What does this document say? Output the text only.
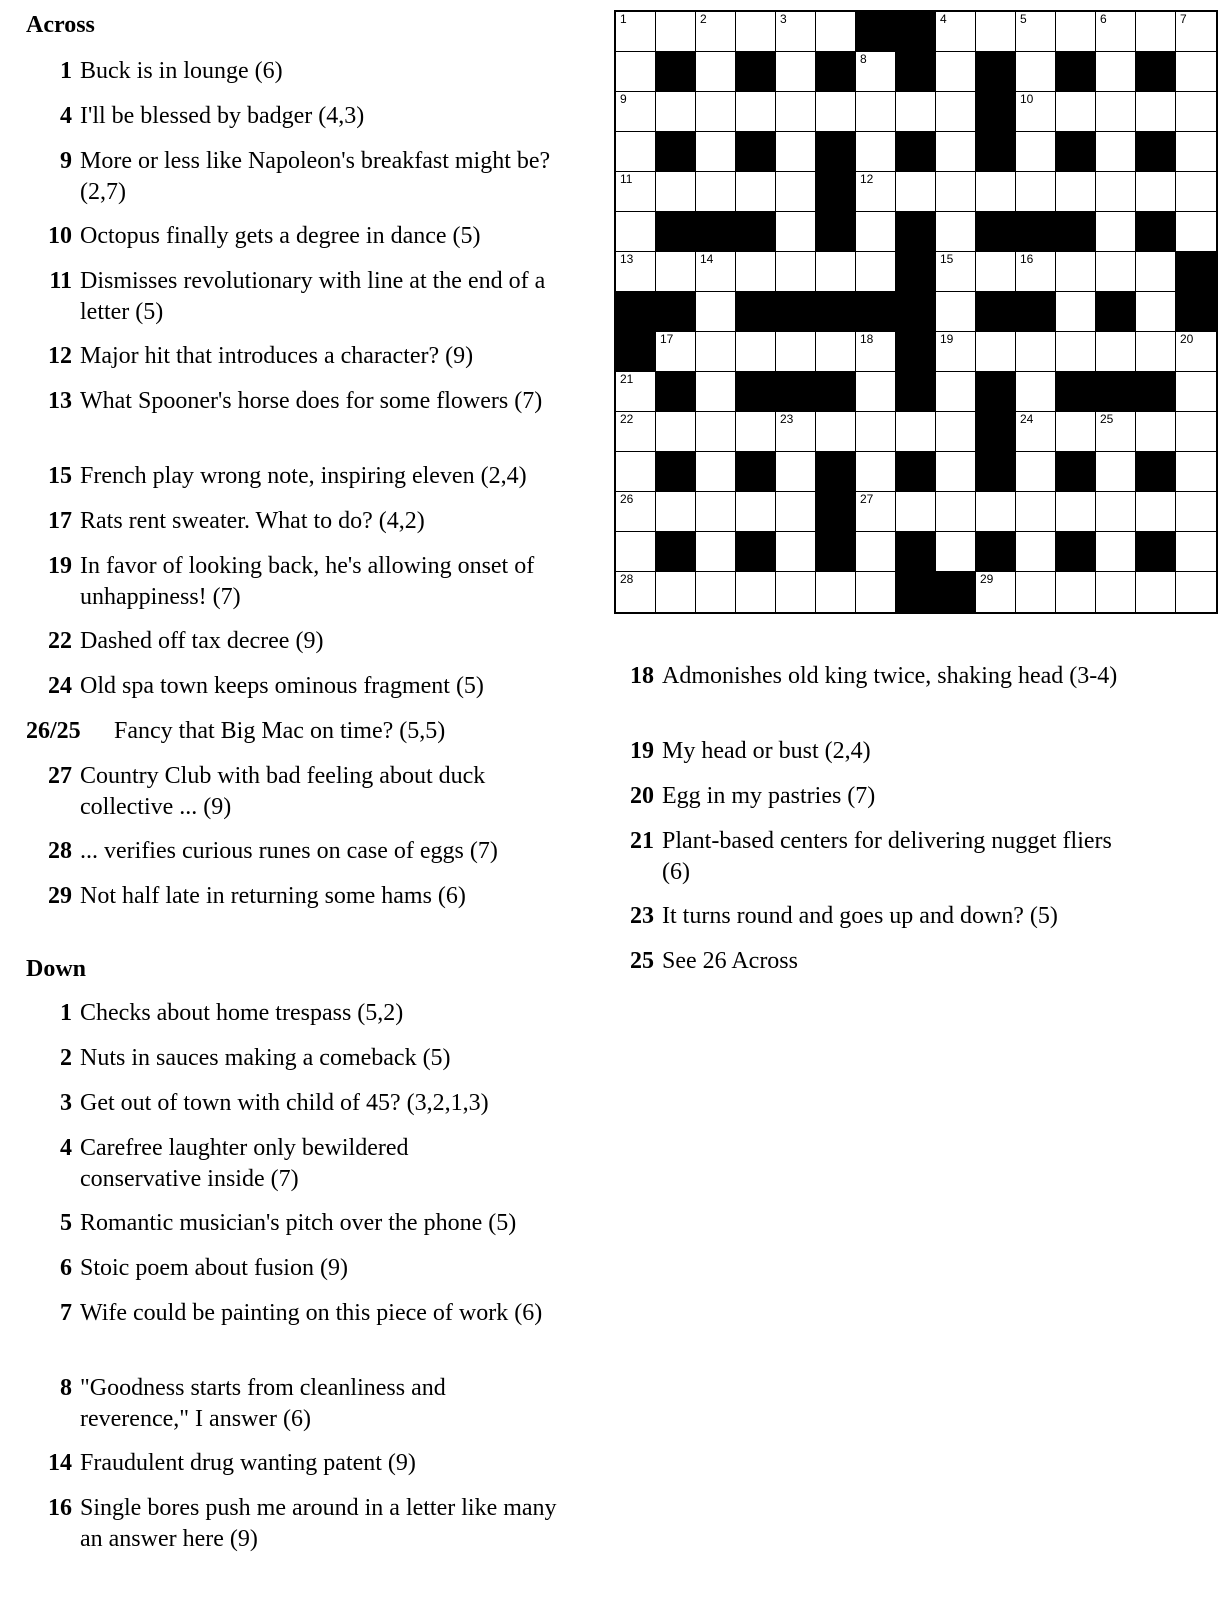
Across
1 Buck is in lounge (6)
4 I'll be blessed by badger (4,3)
9 More or less like Napoleon's breakfast might be? (2,7)
10 Octopus finally gets a degree in dance (5)
11 Dismisses revolutionary with line at the end of a letter (5)
12 Major hit that introduces a character? (9)
13 What Spooner's horse does for some flowers (7)
15 French play wrong note, inspiring eleven (2,4)
17 Rats rent sweater. What to do? (4,2)
19 In favor of looking back, he's allowing onset of unhappiness! (7)
22 Dashed off tax decree (9)
24 Old spa town keeps ominous fragment (5)
26/25 Fancy that Big Mac on time? (5,5)
27 Country Club with bad feeling about duck collective ... (9)
28 ... verifies curious runes on case of eggs (7)
29 Not half late in returning some hams (6)
Down
1 Checks about home trespass (5,2)
2 Nuts in sauces making a comeback (5)
3 Get out of town with child of 45? (3,2,1,3)
4 Carefree laughter only bewildered conservative inside (7)
5 Romantic musician's pitch over the phone (5)
6 Stoic poem about fusion (9)
7 Wife could be painting on this piece of work (6)
8 "Goodness starts from cleanliness and reverence," I answer (6)
14 Fraudulent drug wanting patent (9)
16 Single bores push me around in a letter like many an answer here (9)
18 Admonishes old king twice, shaking head (3-4)
19 My head or bust (2,4)
20 Egg in my pastries (7)
21 Plant-based centers for delivering nugget fliers (6)
23 It turns round and goes up and down? (5)
25 See 26 Across
1	2	3	4	5	6	7
8
9	10
11	12
13	14	15	16
17	18	19	20
21
22	23	24	25
26	27
28	29
